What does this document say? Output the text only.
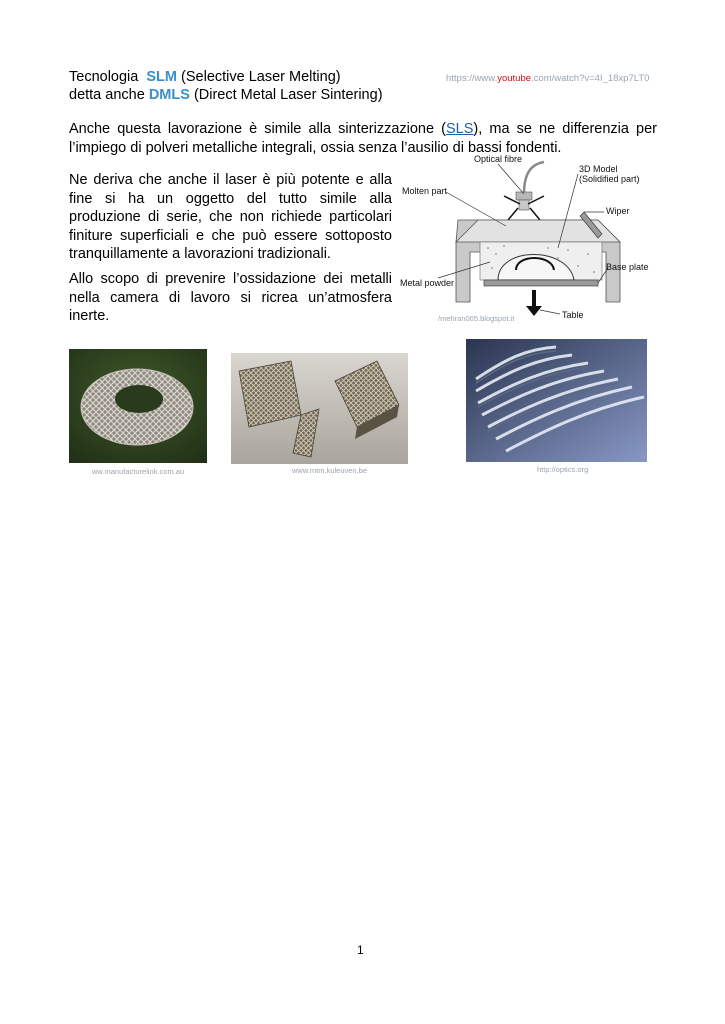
Tecnologia SLM (Selective Laser Melting)
detta anche DMLS (Direct Metal Laser Sintering)
https://www.youtube.com/watch?v=4I_18xp7LT0
Anche questa lavorazione è simile alla sinterizzazione (SLS), ma se ne differenzia per l’impiego di polveri metalliche integrali, ossia senza l’ausilio di bassi fondenti.
Ne deriva che anche il laser è più potente e alla fine si ha un oggetto del tutto simile alla produzione di serie, che non richiede particolari finiture superficiali e che può essere sottoposto tranquillamente a lavorazioni tradizionali.
Allo scopo di prevenire l’ossidazione dei metalli nella camera di lavoro si ricrea un’atmosfera inerte.
Optical fibre
3D Model
(Solidified part)
Molten part
Wiper
Base plate
Metal powder
Table
/mehran005.blogspot.it
ww.manufacturelink.com.au	www.mtm.kuleuven.be	http://optics.org
1
